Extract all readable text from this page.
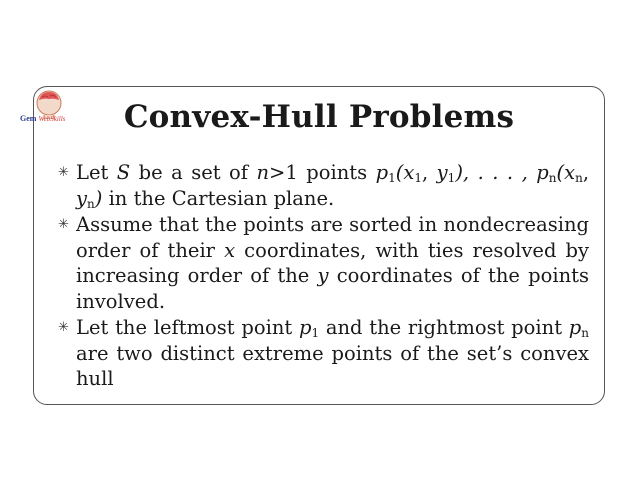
Gem WebSkills	Convex-Hull Problems
✳ Let S be a set of n>1 points $p_1(x_1$, $y_1$), . . . , $p_n(x_n$, $y_n$) in the Cartesian plane.
✳ Assume that the points are sorted in nondecreasing order of their x coordinates, with ties resolved by increasing order of the y coordinates of the points involved.
✳ Let the leftmost point $p_1$ and the rightmost point $p_n$ are two distinct extreme points of the set’s convex hull
